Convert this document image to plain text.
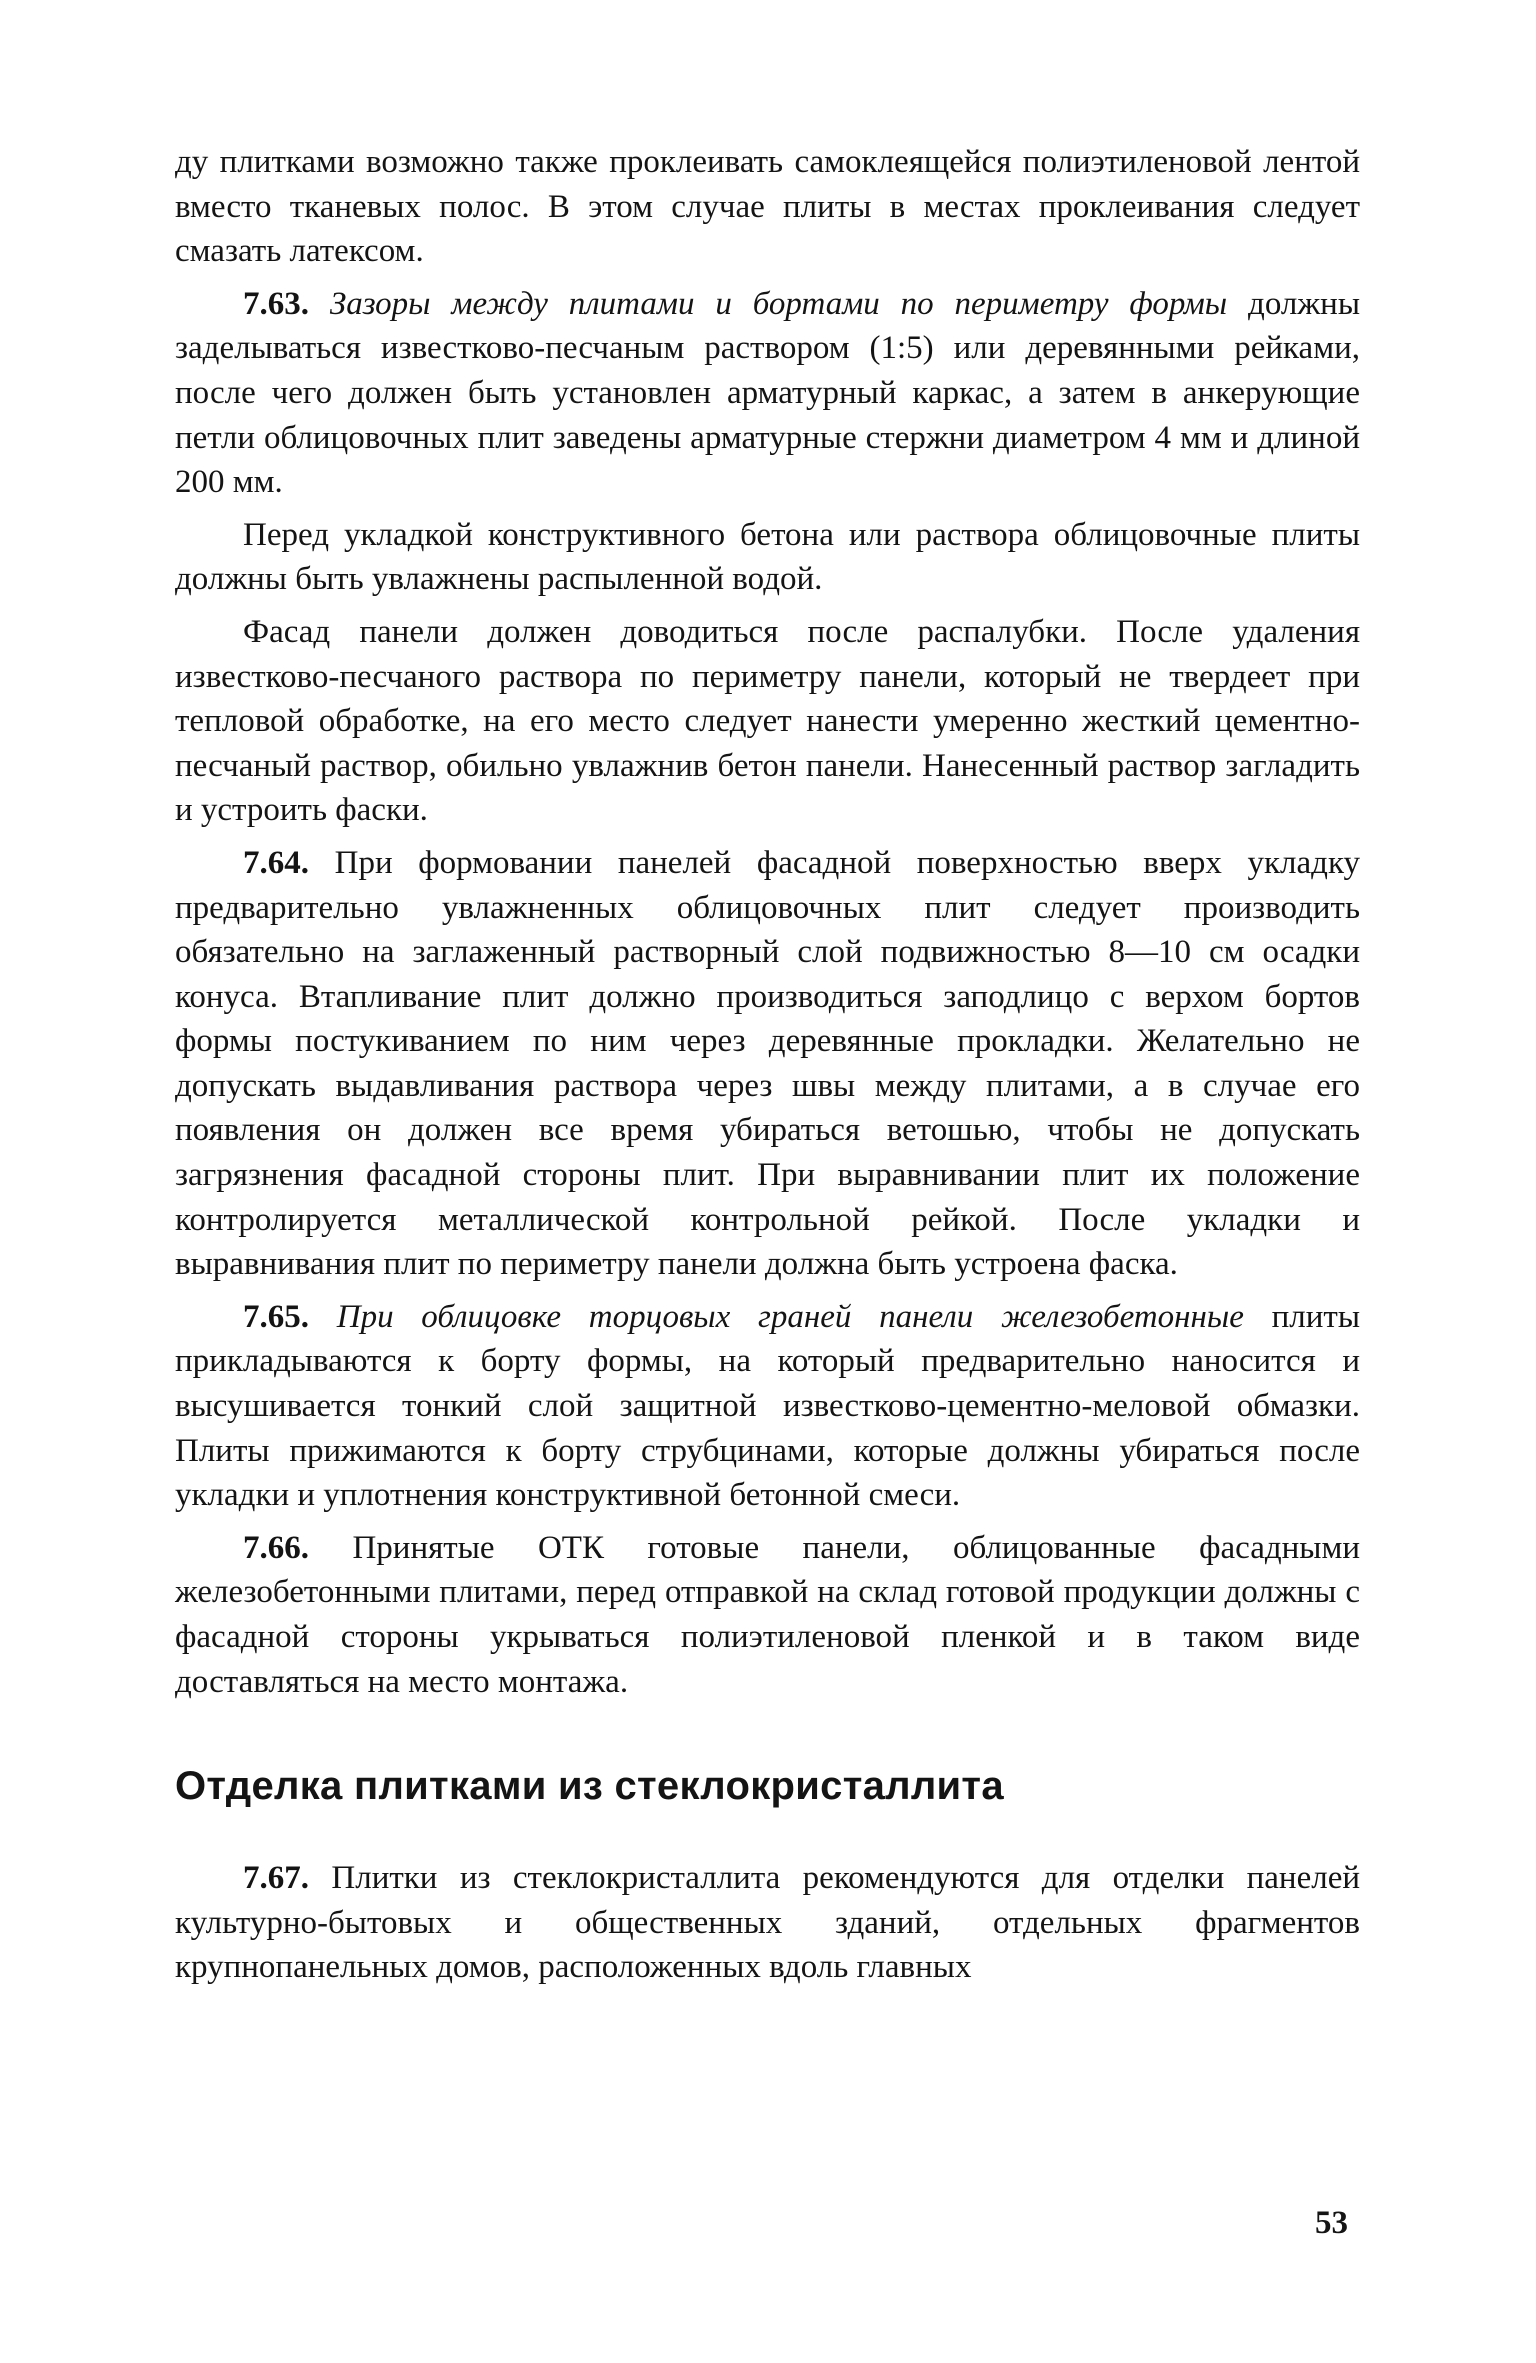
ду плитками возможно также проклеивать самоклеящейся полиэтиленовой лентой вместо тканевых полос. В этом случае плиты в местах проклеивания следует смазать латексом.

7.63. Зазоры между плитами и бортами по периметру формы должны заделываться известково-песчаным раствором (1:5) или деревянными рейками, после чего должен быть установлен арматурный каркас, а затем в анкерующие петли облицовочных плит заведены арматурные стержни диаметром 4 мм и длиной 200 мм.

Перед укладкой конструктивного бетона или раствора облицовочные плиты должны быть увлажнены распыленной водой.

Фасад панели должен доводиться после распалубки. После удаления известково-песчаного раствора по периметру панели, который не твердеет при тепловой обработке, на его место следует нанести умеренно жесткий цементно-песчаный раствор, обильно увлажнив бетон панели. Нанесенный раствор загладить и устроить фаски.

7.64. При формовании панелей фасадной поверхностью вверх укладку предварительно увлажненных облицовочных плит следует производить обязательно на заглаженный растворный слой подвижностью 8—10 см осадки конуса. Втапливание плит должно производиться заподлицо с верхом бортов формы постукиванием по ним через деревянные прокладки. Желательно не допускать выдавливания раствора через швы между плитами, а в случае его появления он должен все время убираться ветошью, чтобы не допускать загрязнения фасадной стороны плит. При выравнивании плит их положение контролируется металлической контрольной рейкой. После укладки и выравнивания плит по периметру панели должна быть устроена фаска.

7.65. При облицовке торцовых граней панели железобетонные плиты прикладываются к борту формы, на который предварительно наносится и высушивается тонкий слой защитной известково-цементно-меловой обмазки. Плиты прижимаются к борту струбцинами, которые должны убираться после укладки и уплотнения конструктивной бетонной смеси.

7.66. Принятые ОТК готовые панели, облицованные фасадными железобетонными плитами, перед отправкой на склад готовой продукции должны с фасадной стороны укрываться полиэтиленовой пленкой и в таком виде доставляться на место монтажа.

Отделка плитками из стеклокристаллита

7.67. Плитки из стеклокристаллита рекомендуются для отделки панелей культурно-бытовых и общественных зданий, отдельных фрагментов крупнопанельных домов, расположенных вдоль главных

53
